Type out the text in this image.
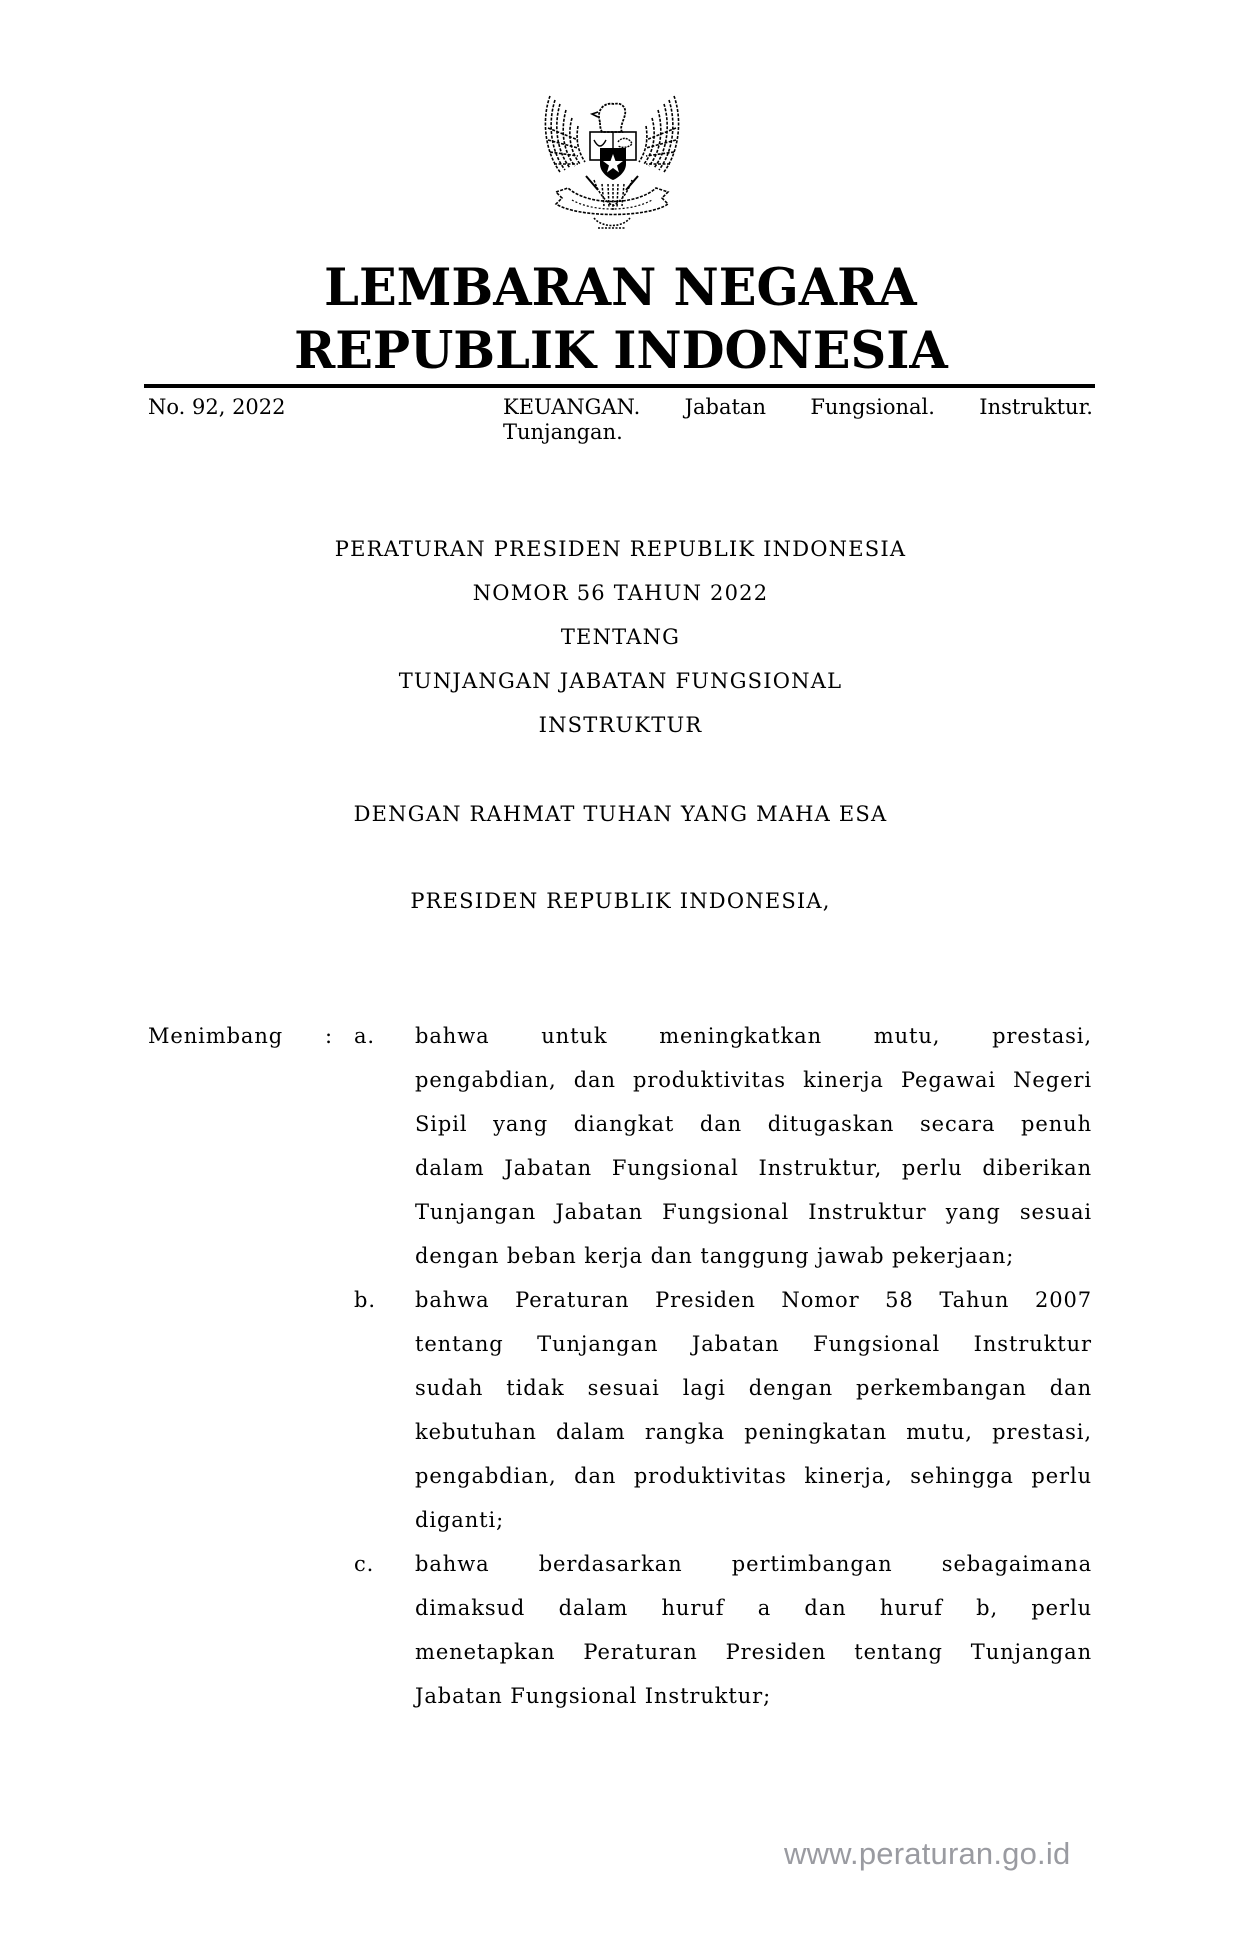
LEMBARAN NEGARA
REPUBLIK INDONESIA
No. 92, 2022	KEUANGAN. Jabatan Fungsional. Instruktur.
Tunjangan.
PERATURAN PRESIDEN REPUBLIK INDONESIA
NOMOR 56 TAHUN 2022
TENTANG
TUNJANGAN JABATAN FUNGSIONAL
INSTRUKTUR
DENGAN RAHMAT TUHAN YANG MAHA ESA
PRESIDEN REPUBLIK INDONESIA,
Menimbang : a. bahwa untuk meningkatkan mutu, prestasi,
pengabdian, dan produktivitas kinerja Pegawai Negeri
Sipil yang diangkat dan ditugaskan secara penuh
dalam Jabatan Fungsional Instruktur, perlu diberikan
Tunjangan Jabatan Fungsional Instruktur yang sesuai
dengan beban kerja dan tanggung jawab pekerjaan;
b. bahwa Peraturan Presiden Nomor 58 Tahun 2007
tentang Tunjangan Jabatan Fungsional Instruktur
sudah tidak sesuai lagi dengan perkembangan dan
kebutuhan dalam rangka peningkatan mutu, prestasi,
pengabdian, dan produktivitas kinerja, sehingga perlu
diganti;
c. bahwa berdasarkan pertimbangan sebagaimana
dimaksud dalam huruf a dan huruf b, perlu
menetapkan Peraturan Presiden tentang Tunjangan
Jabatan Fungsional Instruktur;
www.peraturan.go.id
